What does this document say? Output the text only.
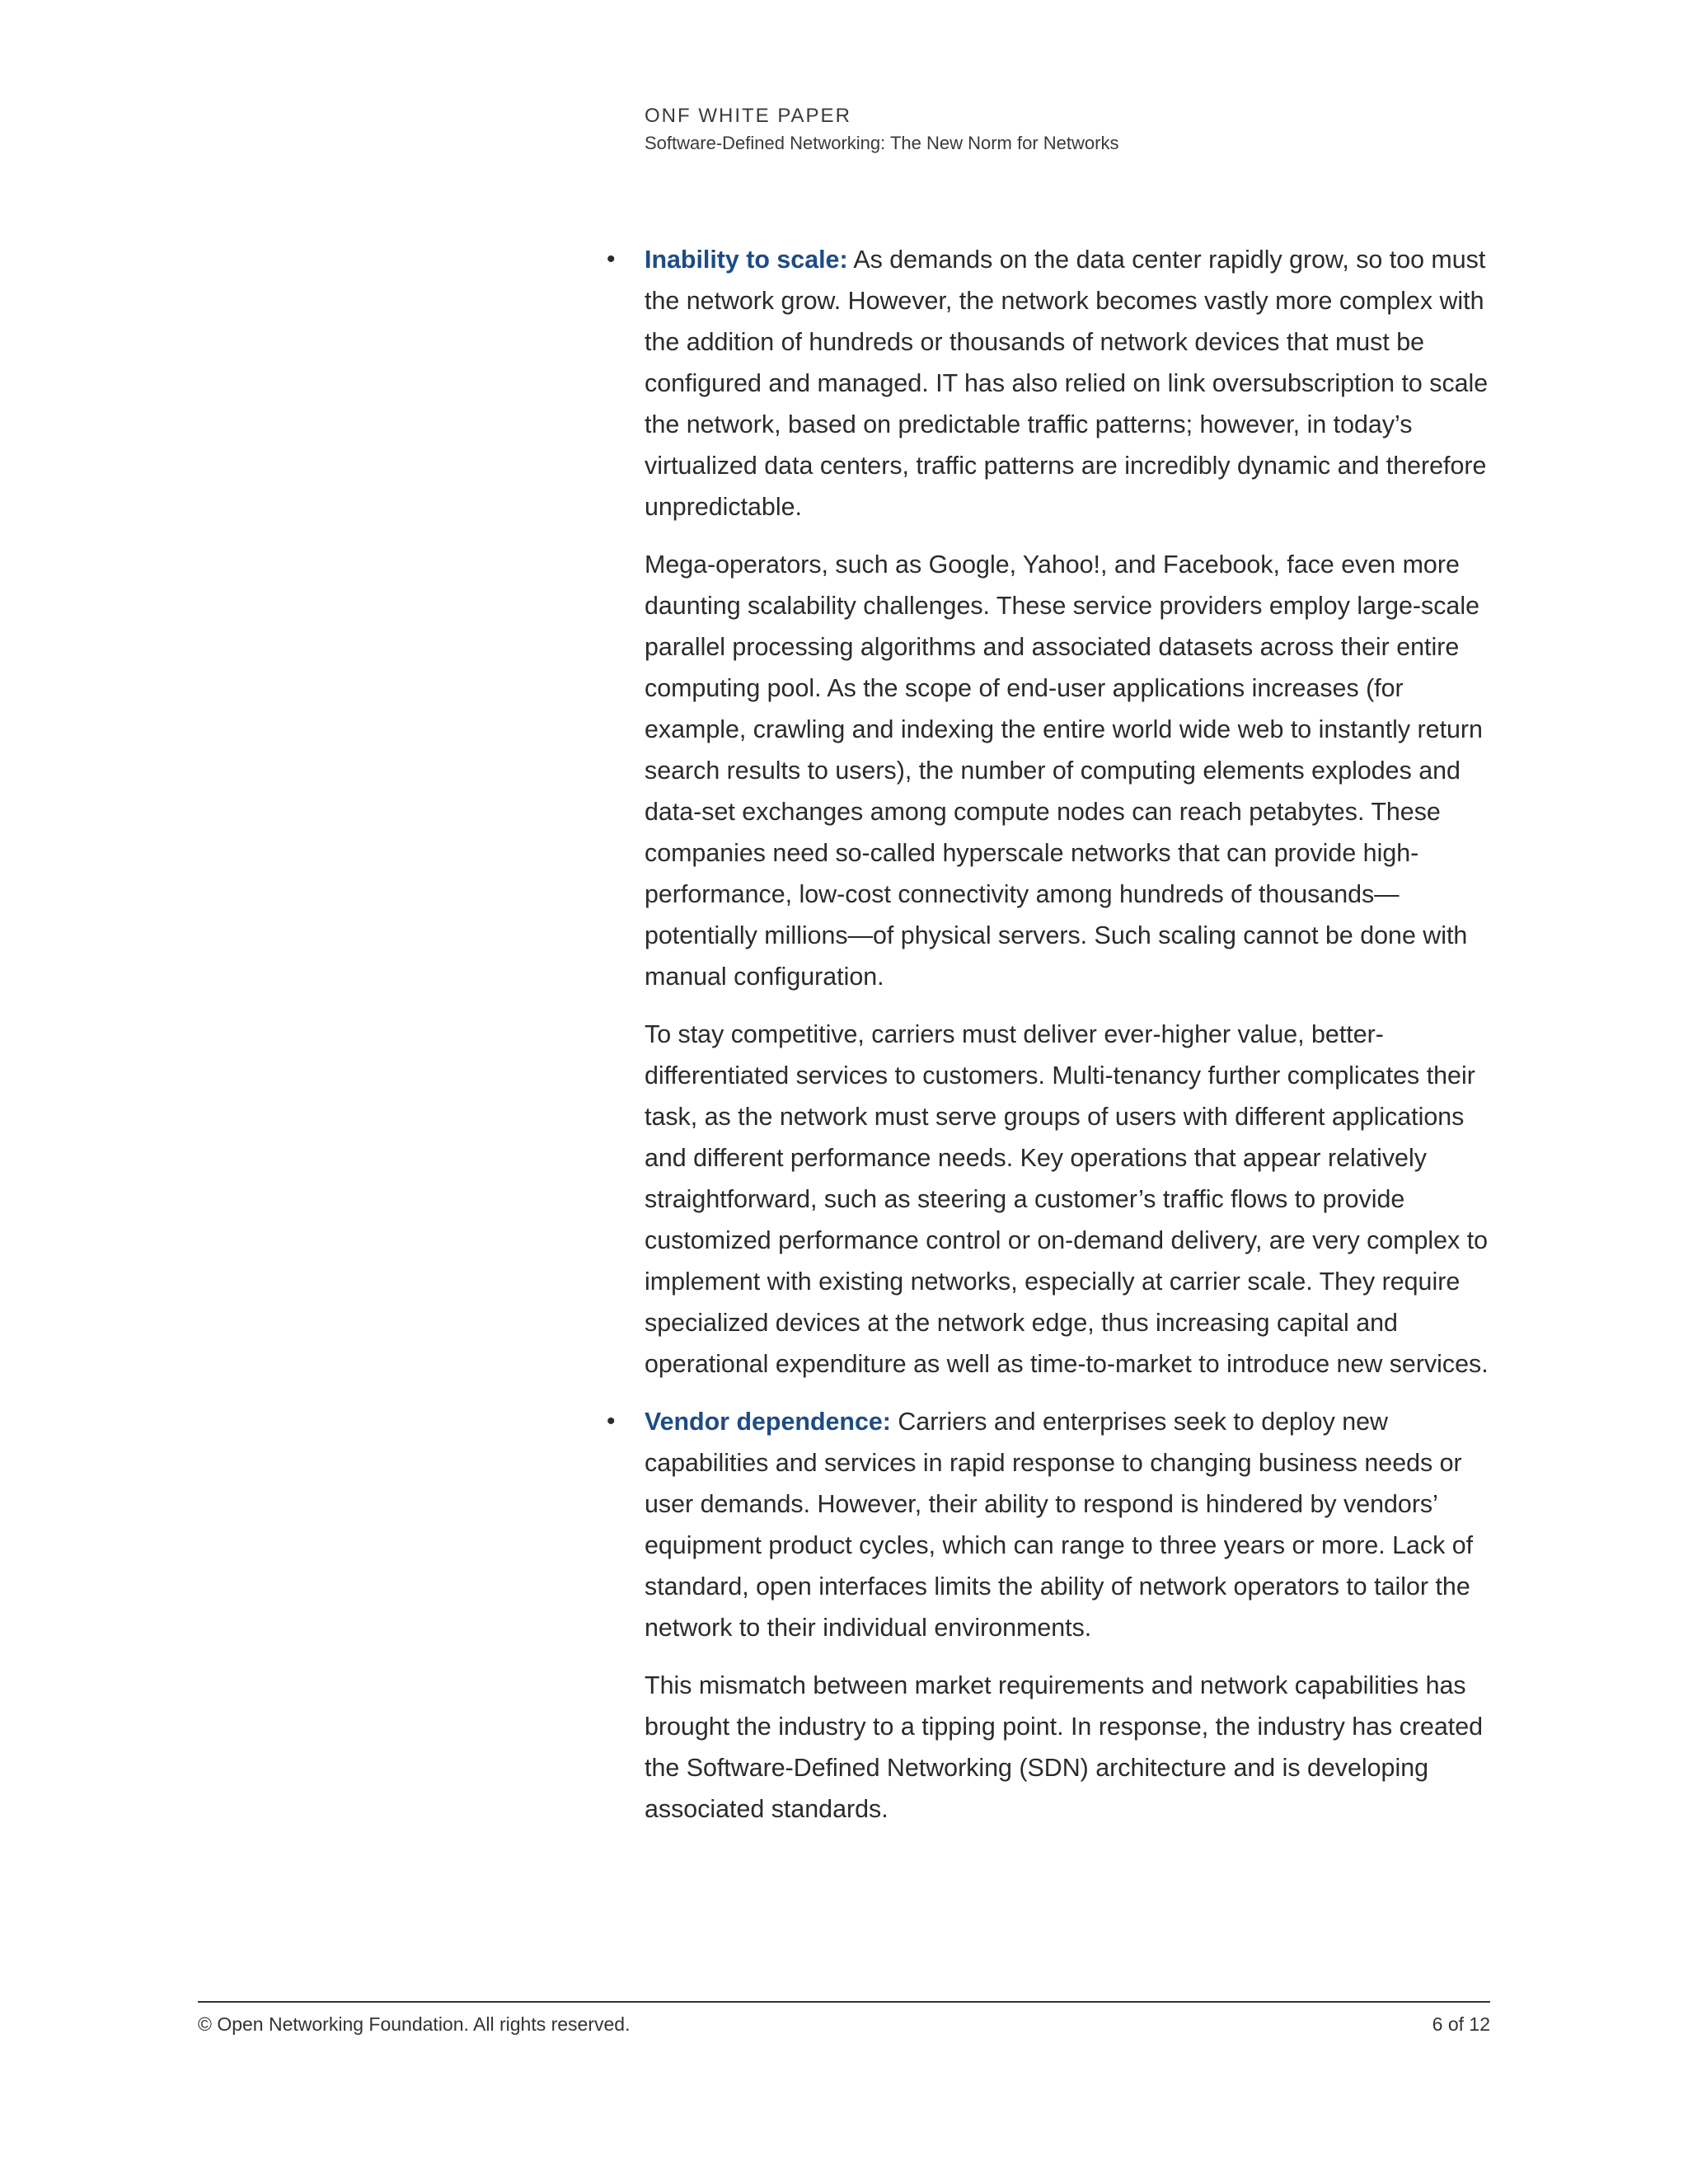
ONF WHITE PAPER
Software-Defined Networking: The New Norm for Networks

• Inability to scale: As demands on the data center rapidly grow, so too must the network grow. However, the network becomes vastly more complex with the addition of hundreds or thousands of network devices that must be configured and managed. IT has also relied on link oversubscription to scale the network, based on predictable traffic patterns; however, in today’s virtualized data centers, traffic patterns are incredibly dynamic and therefore unpredictable.

Mega-operators, such as Google, Yahoo!, and Facebook, face even more daunting scalability challenges. These service providers employ large-scale parallel processing algorithms and associated datasets across their entire computing pool. As the scope of end-user applications increases (for example, crawling and indexing the entire world wide web to instantly return search results to users), the number of computing elements explodes and data-set exchanges among compute nodes can reach petabytes. These companies need so-called hyperscale networks that can provide high-performance, low-cost connectivity among hundreds of thousands—potentially millions—of physical servers. Such scaling cannot be done with manual configuration.

To stay competitive, carriers must deliver ever-higher value, better-differentiated services to customers. Multi-tenancy further complicates their task, as the network must serve groups of users with different applications and different performance needs. Key operations that appear relatively straightforward, such as steering a customer’s traffic flows to provide customized performance control or on-demand delivery, are very complex to implement with existing networks, especially at carrier scale. They require specialized devices at the network edge, thus increasing capital and operational expenditure as well as time-to-market to introduce new services.

• Vendor dependence: Carriers and enterprises seek to deploy new capabilities and services in rapid response to changing business needs or user demands. However, their ability to respond is hindered by vendors’ equipment product cycles, which can range to three years or more. Lack of standard, open interfaces limits the ability of network operators to tailor the network to their individual environments.

This mismatch between market requirements and network capabilities has brought the industry to a tipping point. In response, the industry has created the Software-Defined Networking (SDN) architecture and is developing associated standards.

© Open Networking Foundation. All rights reserved.	6 of 12
